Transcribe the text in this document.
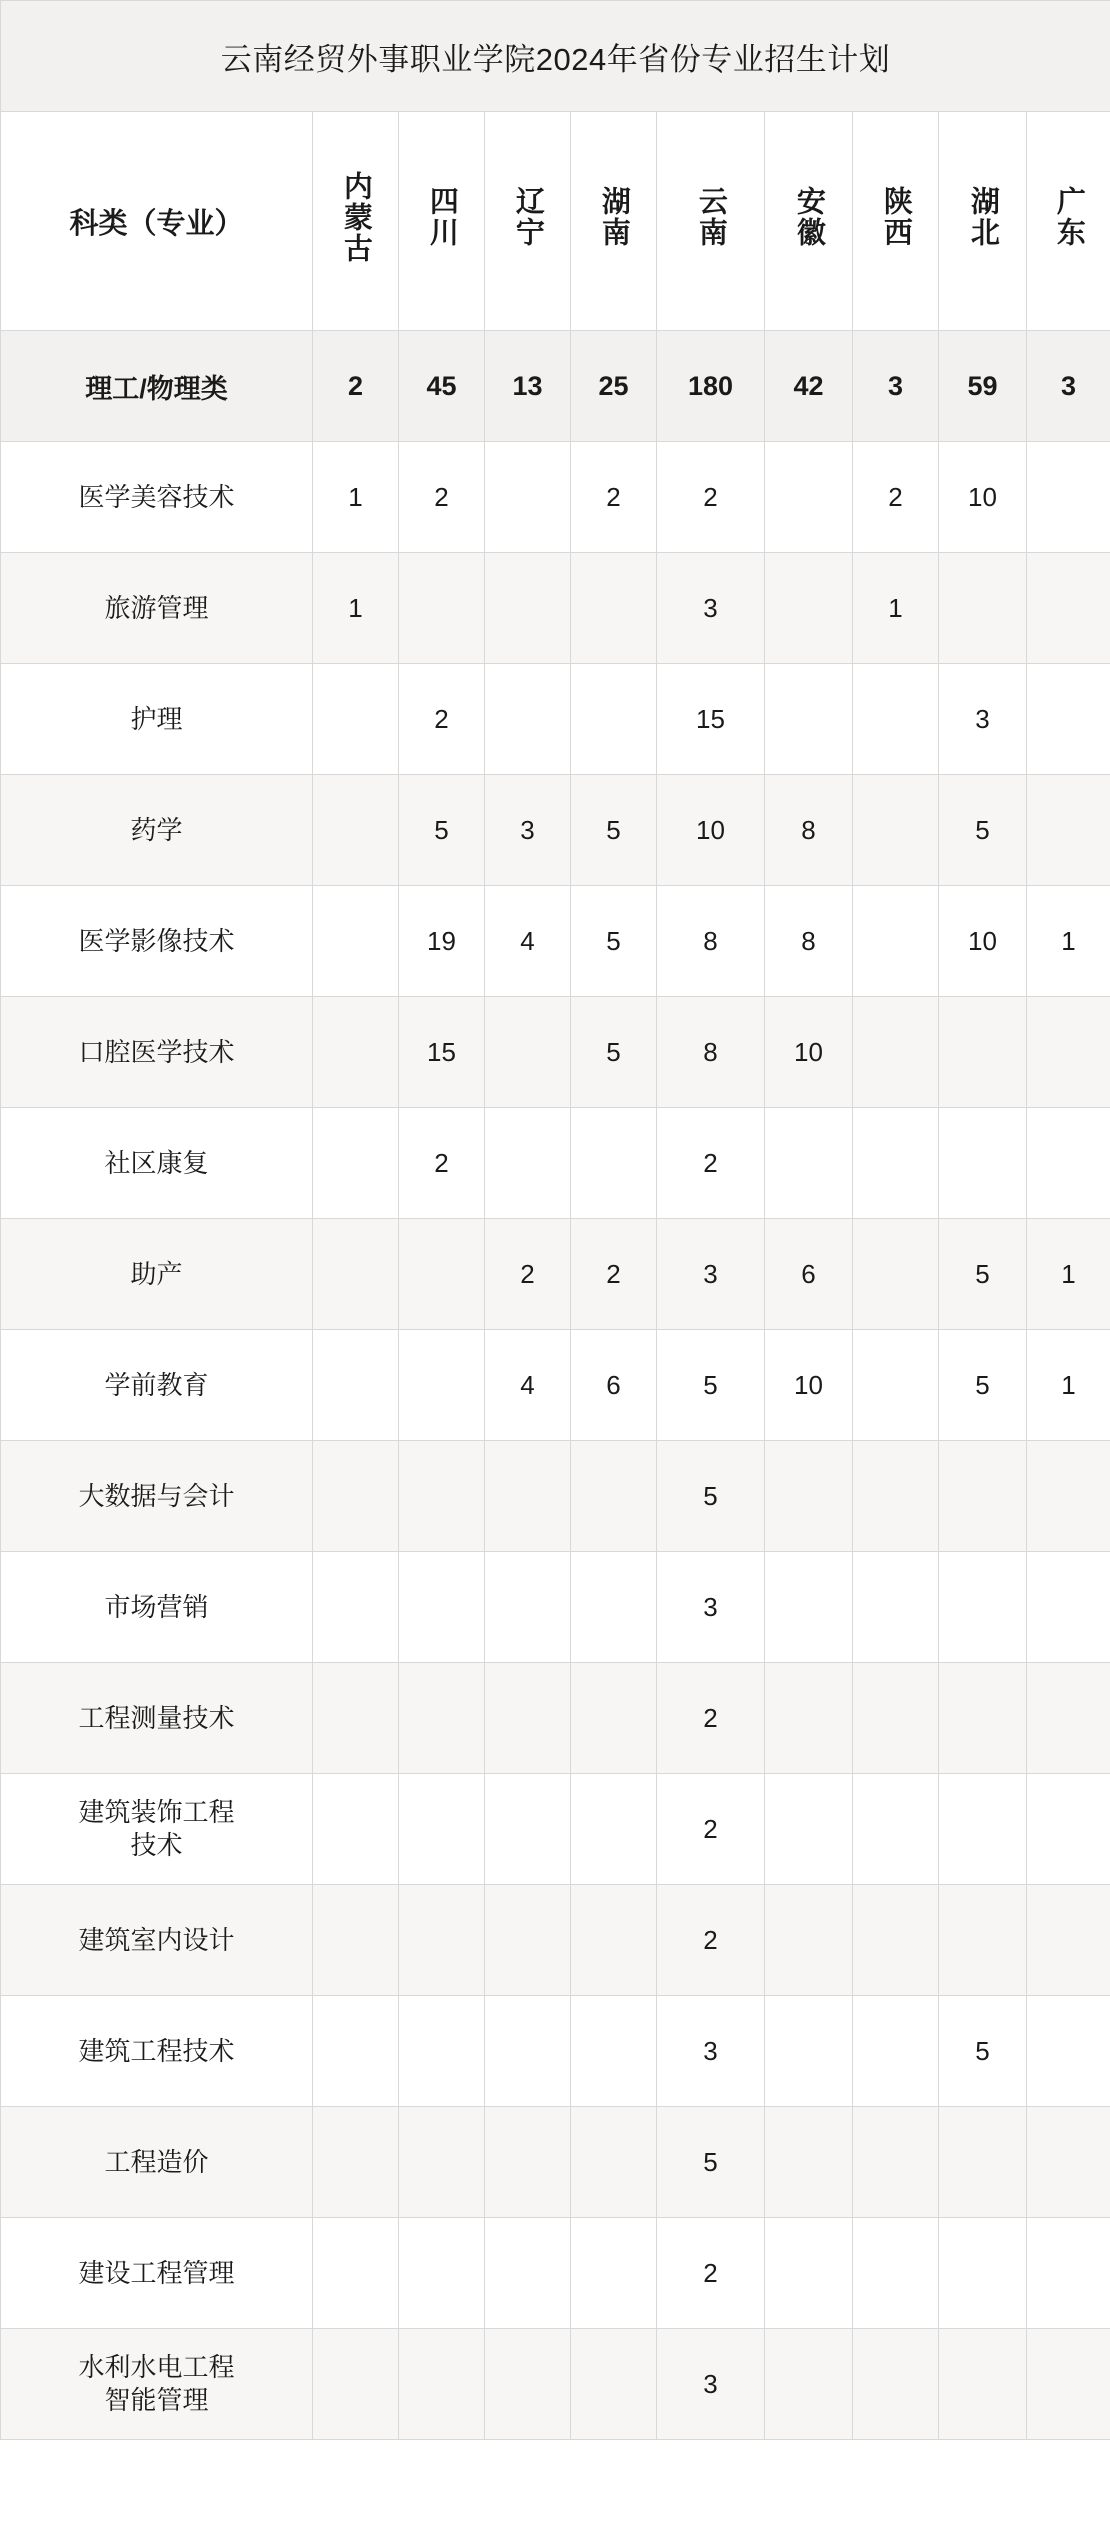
云南经贸外事职业学院2024年省份专业招生计划									
科类（专业）	内蒙古	四川	辽宁	湖南	云南	安徽	陕西	湖北	广东
理工/物理类	2	45	13	25	180	42	3	59	3
医学美容技术	1	2		2	2		2	10	
旅游管理	1				3		1		
护理		2			15			3	
药学		5	3	5	10	8		5	
医学影像技术		19	4	5	8	8		10	1
口腔医学技术		15		5	8	10			
社区康复		2			2				
助产			2	2	3	6		5	1
学前教育			4	6	5	10		5	1
大数据与会计					5				
市场营销					3				
工程测量技术					2				

建筑装饰工程
技术					2				
建筑室内设计					2				
建筑工程技术					3			5	
工程造价					5				
建设工程管理					2				

水利水电工程
智能管理					3				
